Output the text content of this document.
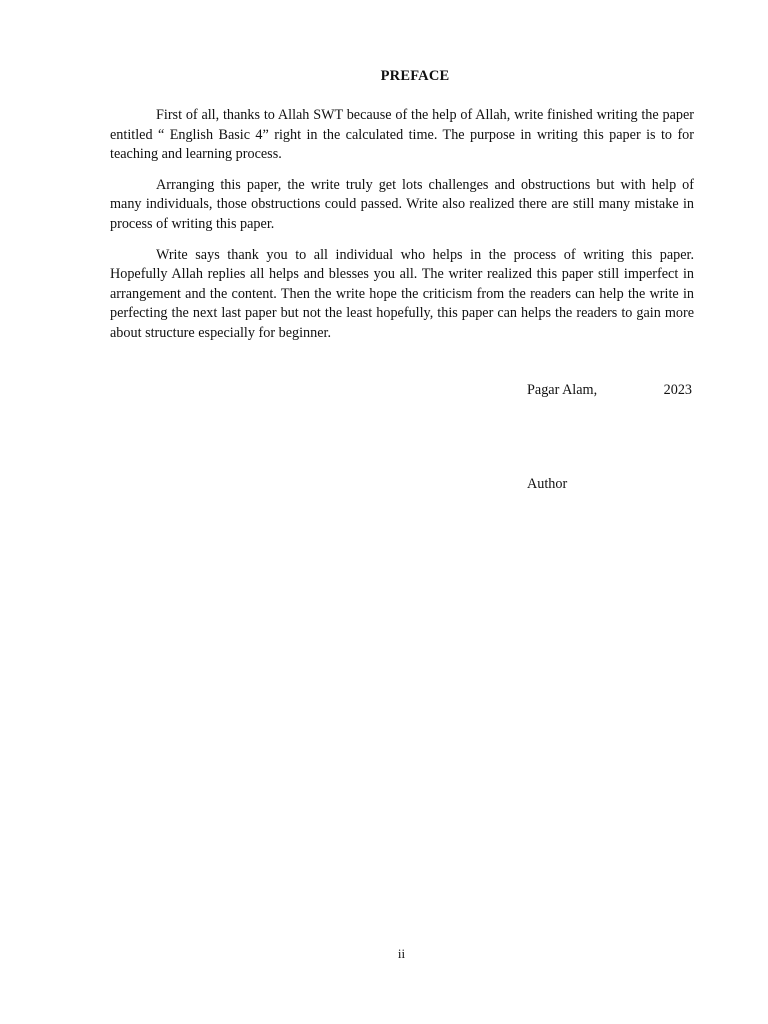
PREFACE

First of all, thanks to Allah SWT because of the help of Allah, write finished writing the paper entitled “ English Basic 4” right in the calculated time. The purpose in writing this paper is to for teaching and learning process.

Arranging this paper, the write truly get lots challenges and obstructions but with help of many individuals, those obstructions could passed. Write also realized there are still many mistake in process of writing this paper.

Write says thank you to all individual who helps in the process of writing this paper. Hopefully Allah replies all helps and blesses you all. The writer realized this paper still imperfect in arrangement and the content. Then the write hope the criticism from the readers can help the write in perfecting the next last paper but not the least hopefully, this paper can helps the readers to gain more about structure especially for beginner.

Pagar Alam,	2023
Author
ii
